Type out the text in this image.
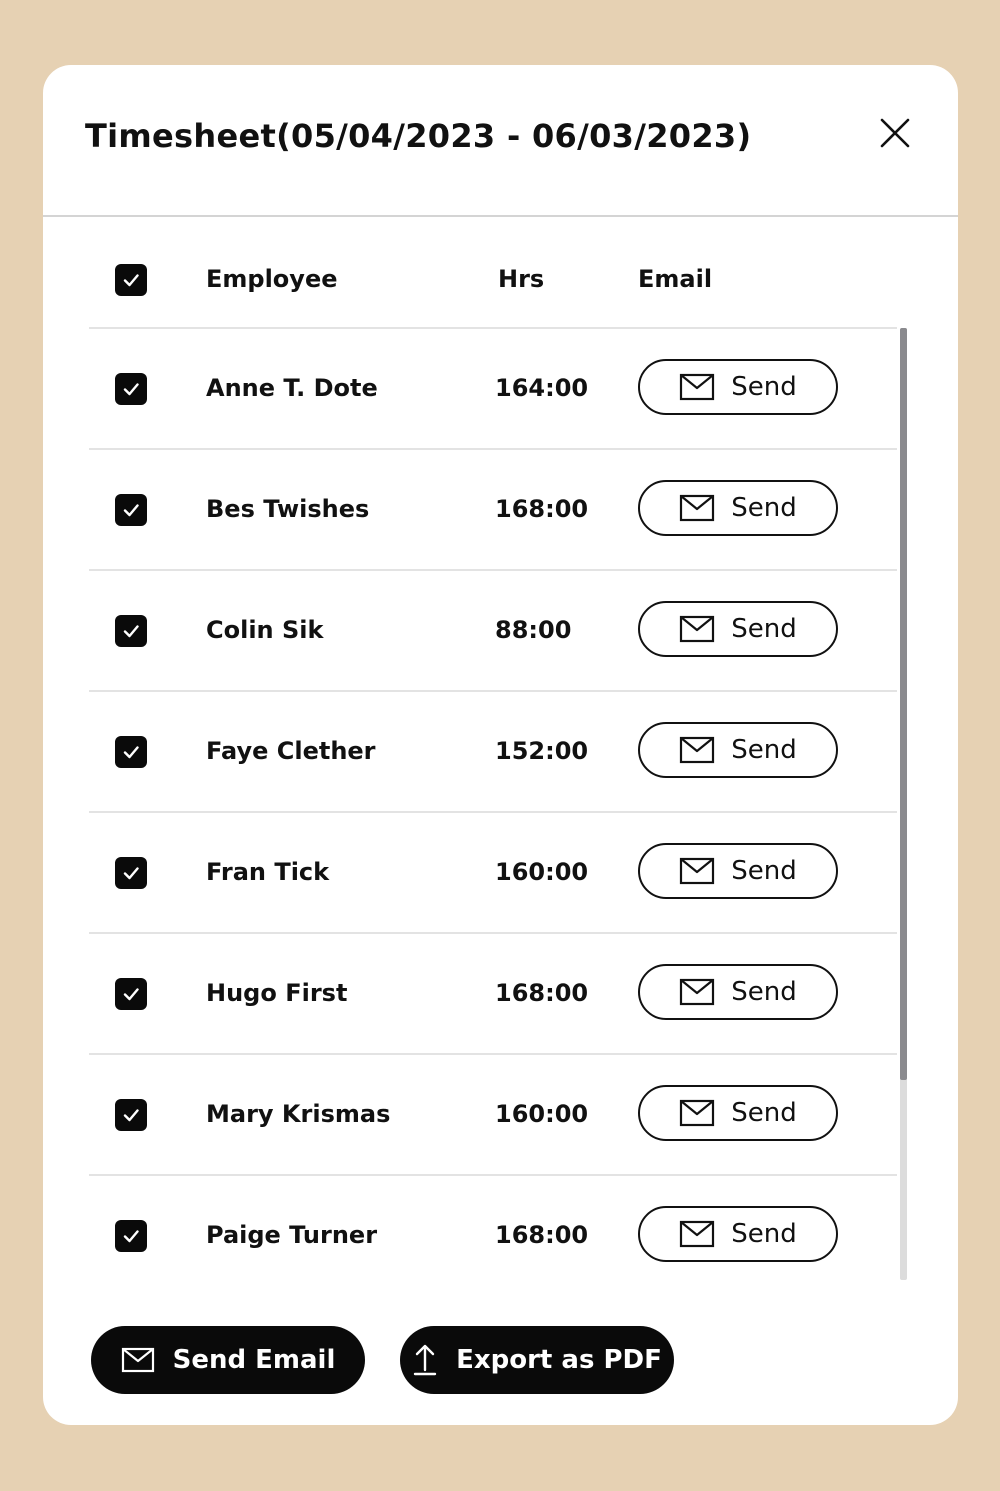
Timesheet(05/04/2023 - 06/03/2023)
Employee	Hrs	Email
Anne T. Dote	164:00	Send
Bes Twishes	168:00	Send
Colin Sik	88:00	Send
Faye Clether	152:00	Send
Fran Tick	160:00	Send
Hugo First	168:00	Send
Mary Krismas	160:00	Send
Paige Turner	168:00	Send
Send Email	Export as PDF
